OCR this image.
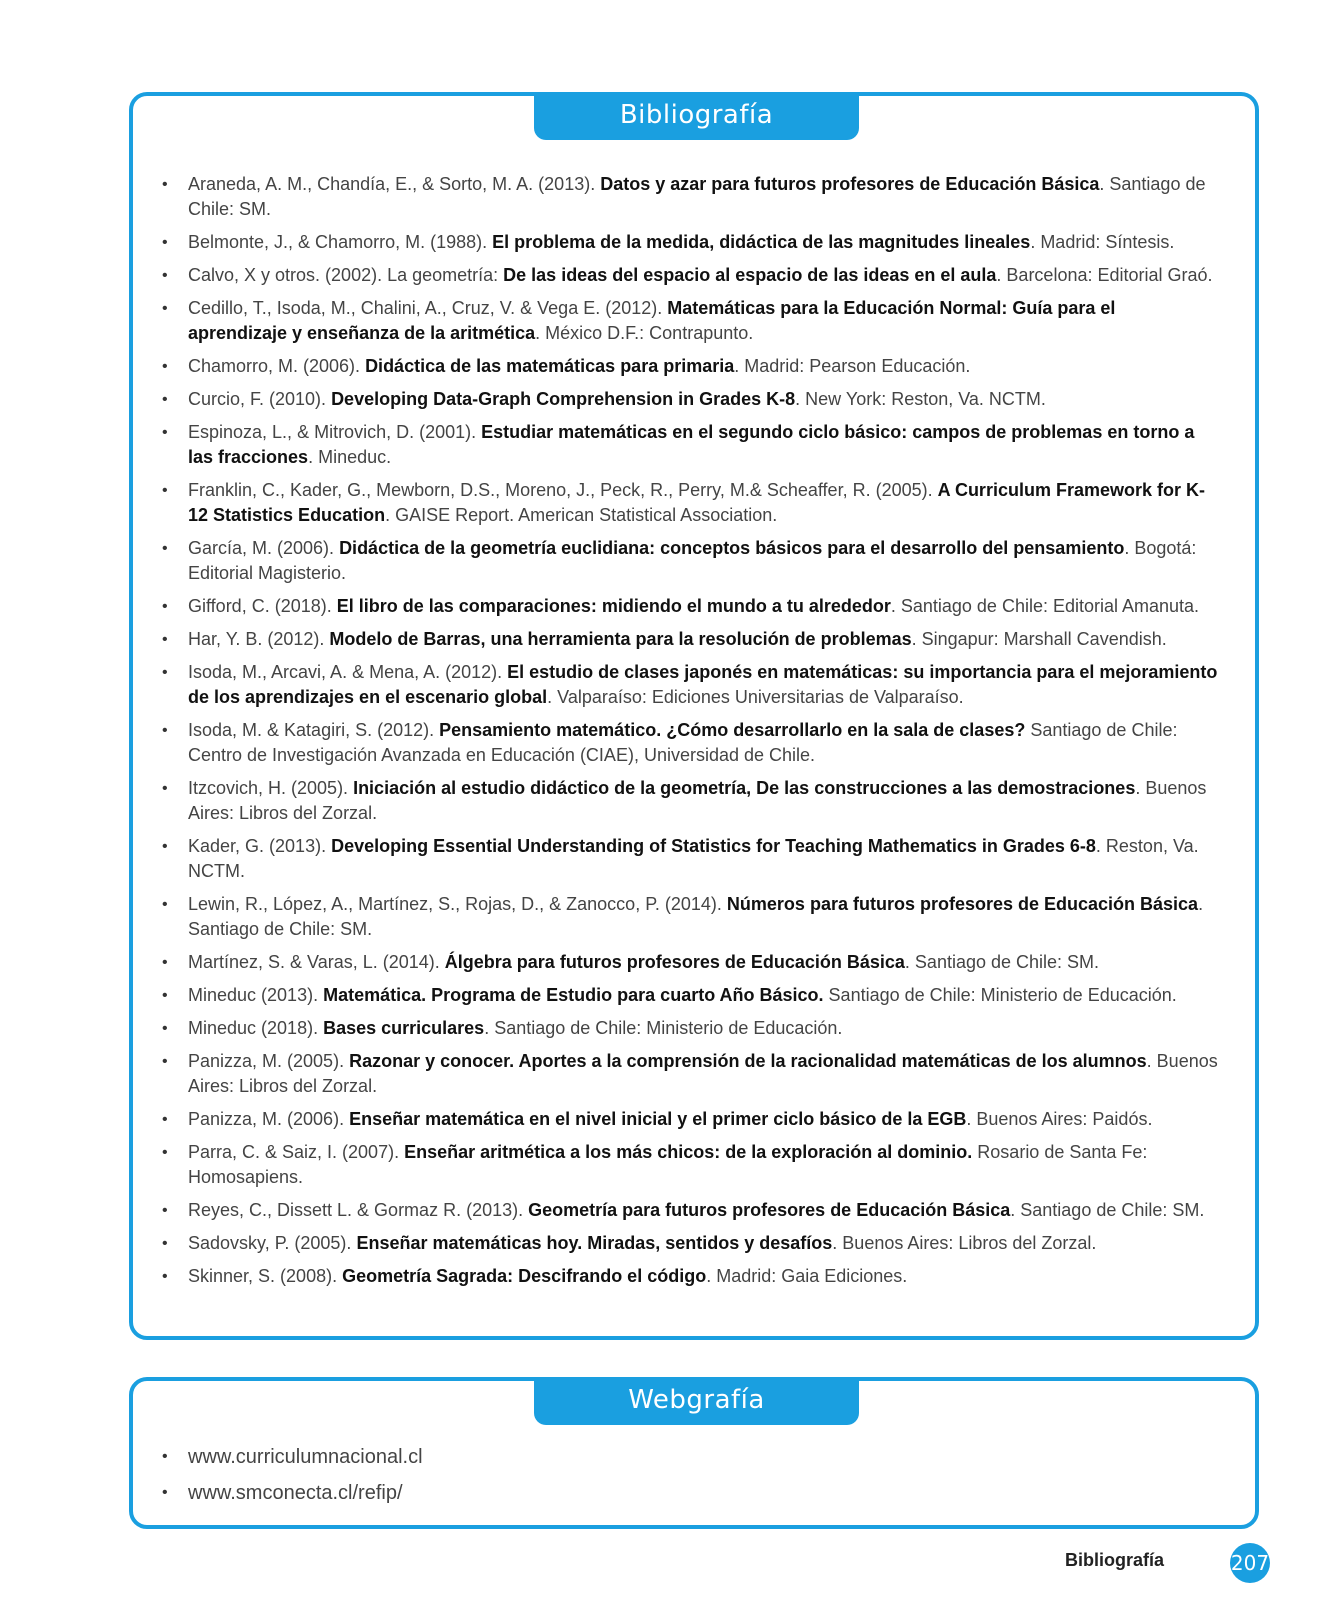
Bibliografía
• Araneda, A. M., Chandía, E., & Sorto, M. A. (2013). Datos y azar para futuros profesores de Educación Básica. Santiago de Chile: SM.
• Belmonte, J., & Chamorro, M. (1988). El problema de la medida, didáctica de las magnitudes lineales. Madrid: Síntesis.
• Calvo, X y otros. (2002). La geometría: De las ideas del espacio al espacio de las ideas en el aula. Barcelona: Editorial Graó.
• Cedillo, T., Isoda, M., Chalini, A., Cruz, V. & Vega E. (2012). Matemáticas para la Educación Normal: Guía para el aprendizaje y enseñanza de la aritmética. México D.F.: Contrapunto.
• Chamorro, M. (2006). Didáctica de las matemáticas para primaria. Madrid: Pearson Educación.
• Curcio, F. (2010). Developing Data-Graph Comprehension in Grades K-8. New York: Reston, Va. NCTM.
• Espinoza, L., & Mitrovich, D. (2001). Estudiar matemáticas en el segundo ciclo básico: campos de problemas en torno a las fracciones. Mineduc.
• Franklin, C., Kader, G., Mewborn, D.S., Moreno, J., Peck, R., Perry, M.& Scheaffer, R. (2005). A Curriculum Framework for K-12 Statistics Education. GAISE Report. American Statistical Association.
• García, M. (2006). Didáctica de la geometría euclidiana: conceptos básicos para el desarrollo del pensamiento. Bogotá: Editorial Magisterio.
• Gifford, C. (2018). El libro de las comparaciones: midiendo el mundo a tu alrededor. Santiago de Chile: Editorial Amanuta.
• Har, Y. B. (2012). Modelo de Barras, una herramienta para la resolución de problemas. Singapur: Marshall Cavendish.
• Isoda, M., Arcavi, A. & Mena, A. (2012). El estudio de clases japonés en matemáticas: su importancia para el mejoramiento de los aprendizajes en el escenario global. Valparaíso: Ediciones Universitarias de Valparaíso.
• Isoda, M. & Katagiri, S. (2012). Pensamiento matemático. ¿Cómo desarrollarlo en la sala de clases? Santiago de Chile: Centro de Investigación Avanzada en Educación (CIAE), Universidad de Chile.
• Itzcovich, H. (2005). Iniciación al estudio didáctico de la geometría, De las construcciones a las demostraciones. Buenos Aires: Libros del Zorzal.
• Kader, G. (2013). Developing Essential Understanding of Statistics for Teaching Mathematics in Grades 6-8. Reston, Va. NCTM.
• Lewin, R., López, A., Martínez, S., Rojas, D., & Zanocco, P. (2014). Números para futuros profesores de Educación Básica. Santiago de Chile: SM.
• Martínez, S. & Varas, L. (2014). Álgebra para futuros profesores de Educación Básica. Santiago de Chile: SM.
• Mineduc (2013). Matemática. Programa de Estudio para cuarto Año Básico. Santiago de Chile: Ministerio de Educación.
• Mineduc (2018). Bases curriculares. Santiago de Chile: Ministerio de Educación.
• Panizza, M. (2005). Razonar y conocer. Aportes a la comprensión de la racionalidad matemáticas de los alumnos. Buenos Aires: Libros del Zorzal.
• Panizza, M. (2006). Enseñar matemática en el nivel inicial y el primer ciclo básico de la EGB. Buenos Aires: Paidós.
• Parra, C. & Saiz, I. (2007). Enseñar aritmética a los más chicos: de la exploración al dominio. Rosario de Santa Fe: Homosapiens.
• Reyes, C., Dissett L. & Gormaz R. (2013). Geometría para futuros profesores de Educación Básica. Santiago de Chile: SM.
• Sadovsky, P. (2005). Enseñar matemáticas hoy. Miradas, sentidos y desafíos. Buenos Aires: Libros del Zorzal.
• Skinner, S. (2008). Geometría Sagrada: Descifrando el código. Madrid: Gaia Ediciones.
Webgrafía
• www.curriculumnacional.cl
• www.smconecta.cl/refip/
Bibliografía	207
